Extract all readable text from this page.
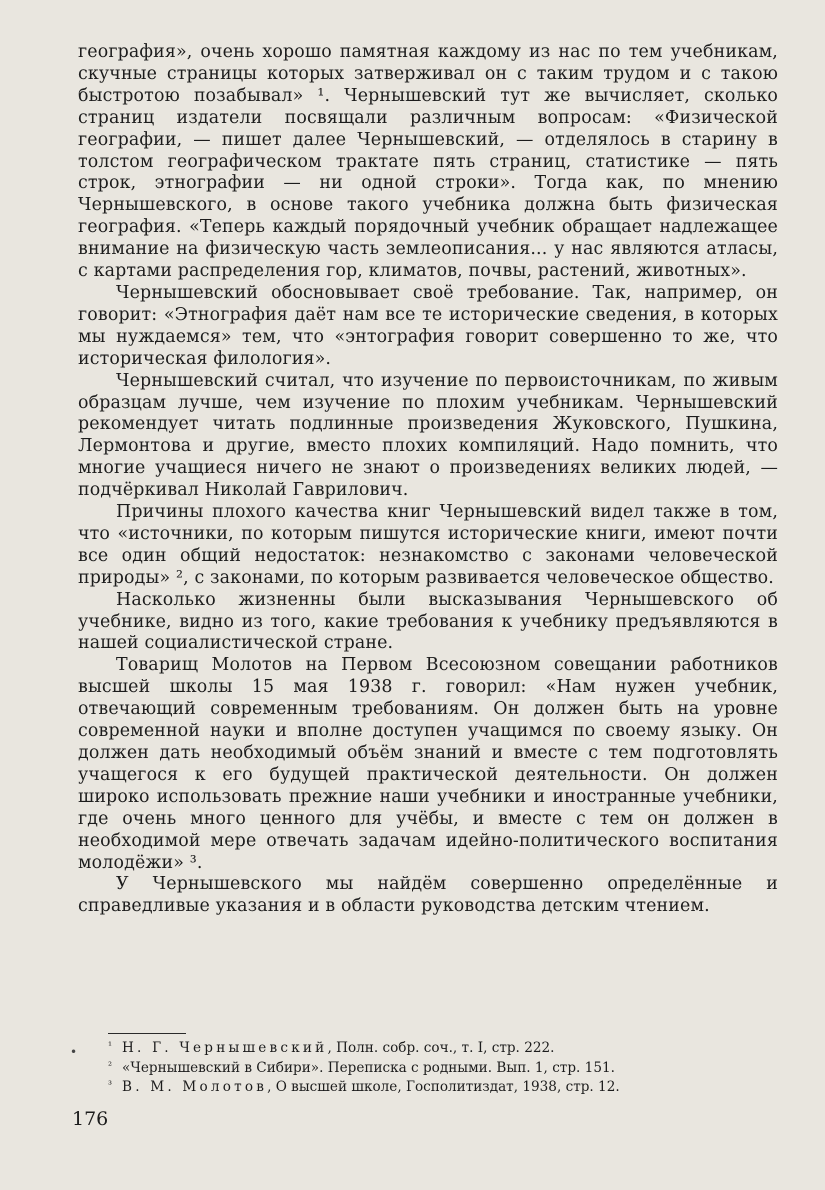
география», очень хорошо памятная каждому из нас по тем учебникам, скучные страницы которых затверживал он с таким трудом и с такою быстротою позабывал» ¹. Чернышевский тут же вычисляет, сколько страниц издатели посвящали различным вопросам: «Физической географии, — пишет далее Чернышевский, — отделялось в старину в толстом географическом трактате пять страниц, статистике — пять строк, этнографии — ни одной строки». Тогда как, по мнению Чернышевского, в основе такого учебника должна быть физическая география. «Теперь каждый порядочный учебник обращает надлежащее внимание на физическую часть землеописания... у нас являются атласы, с картами распределения гор, климатов, почвы, растений, животных».

Чернышевский обосновывает своё требование. Так, например, он говорит: «Этнография даёт нам все те исторические сведения, в которых мы нуждаемся» тем, что «энтография говорит совершенно то же, что историческая филология».

Чернышевский считал, что изучение по первоисточникам, по живым образцам лучше, чем изучение по плохим учебникам. Чернышевский рекомендует читать подлинные произведения Жуковского, Пушкина, Лермонтова и другие, вместо плохих компиляций. Надо помнить, что многие учащиеся ничего не знают о произведениях великих людей, — подчёркивал Николай Гаврилович.

Причины плохого качества книг Чернышевский видел также в том, что «источники, по которым пишутся исторические книги, имеют почти все один общий недостаток: незнакомство с законами человеческой природы» ², с законами, по которым развивается человеческое общество.

Насколько жизненны были высказывания Чернышевского об учебнике, видно из того, какие требования к учебнику предъявляются в нашей социалистической стране.

Товарищ Молотов на Первом Всесоюзном совещании работников высшей школы 15 мая 1938 г. говорил: «Нам нужен учебник, отвечающий современным требованиям. Он должен быть на уровне современной науки и вполне доступен учащимся по своему языку. Он должен дать необходимый объём знаний и вместе с тем подготовлять учащегося к его будущей практической деятельности. Он должен широко использовать прежние наши учебники и иностранные учебники, где очень много ценного для учёбы, и вместе с тем он должен в необходимой мере отвечать задачам идейно-политического воспитания молодёжи» ³.

У Чернышевского мы найдём совершенно определённые и справедливые указания и в области руководства детским чтением.

•	¹ Н. Г. Чернышевский, Полн. собр. соч., т. I, стр. 222.

² «Чернышевский в Сибири». Переписка с родными. Вып. 1, стр. 151.

³ В. М. Молотов, О высшей школе, Госполитиздат, 1938, стр. 12.

176
